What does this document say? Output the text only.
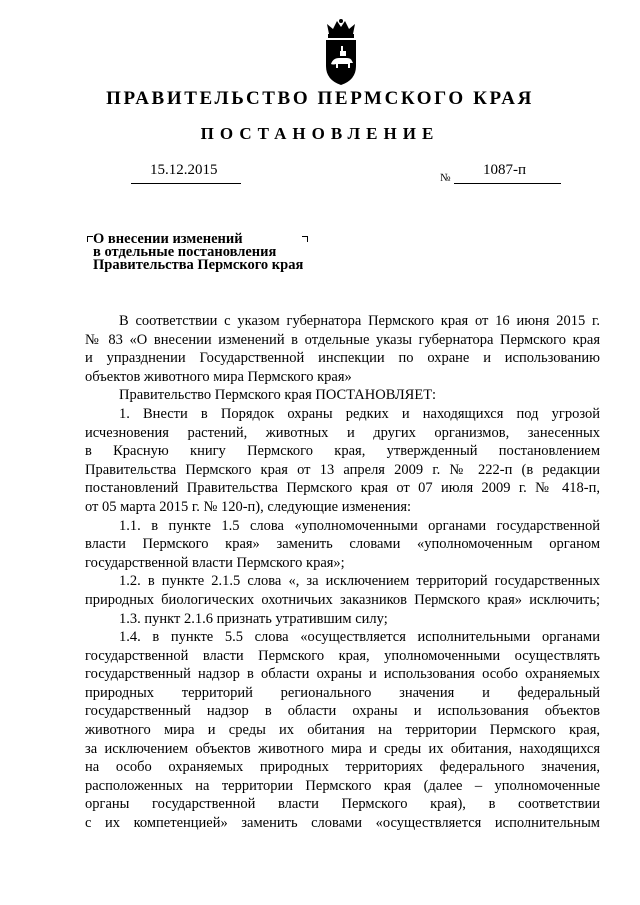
ПРАВИТЕЛЬСТВО ПЕРМСКОГО КРАЯ
ПОСТАНОВЛЕНИЕ
15.12.2015	№ 1087-п
О внесении изменений
в отдельные постановления
Правительства Пермского края

В соответствии с указом губернатора Пермского края от 16 июня 2015 г.

№ 83 «О внесении изменений в отдельные указы губернатора Пермского края

и упразднении Государственной инспекции по охране и использованию

объектов животного мира Пермского края»

Правительство Пермского края ПОСТАНОВЛЯЕТ:

1. Внести в Порядок охраны редких и находящихся под угрозой

исчезновения растений, животных и других организмов, занесенных

в Красную книгу Пермского края, утвержденный постановлением

Правительства Пермского края от 13 апреля 2009 г. № 222-п (в редакции

постановлений Правительства Пермского края от 07 июля 2009 г. № 418-п,

от 05 марта 2015 г. № 120-п), следующие изменения:

1.1. в пункте 1.5 слова «уполномоченными органами государственной

власти Пермского края» заменить словами «уполномоченным органом

государственной власти Пермского края»;

1.2. в пункте 2.1.5 слова «, за исключением территорий государственных

природных биологических охотничьих заказников Пермского края» исключить;

1.3. пункт 2.1.6 признать утратившим силу;

1.4. в пункте 5.5 слова «осуществляется исполнительными органами

государственной власти Пермского края, уполномоченными осуществлять

государственный надзор в области охраны и использования особо охраняемых

природных территорий регионального значения и федеральный

государственный надзор в области охраны и использования объектов

животного мира и среды их обитания на территории Пермского края,

за исключением объектов животного мира и среды их обитания, находящихся

на особо охраняемых природных территориях федерального значения,

расположенных на территории Пермского края (далее – уполномоченные

органы государственной власти Пермского края), в соответствии

с их компетенцией» заменить словами «осуществляется исполнительным
